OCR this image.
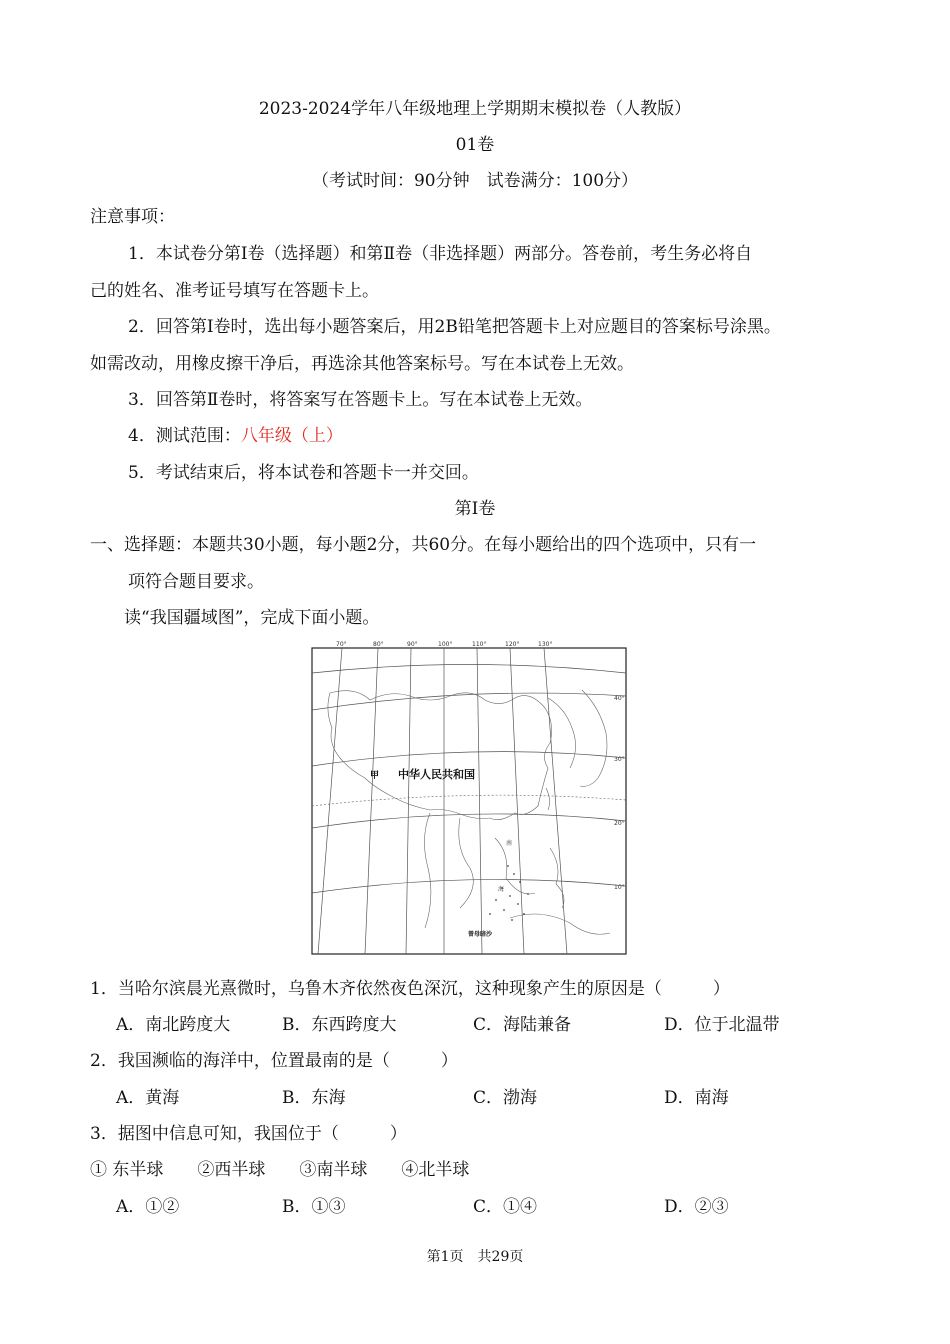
2023-2024学年八年级地理上学期期末模拟卷（人教版）
01卷
（考试时间：90分钟　试卷满分：100分）
注意事项：
1．本试卷分第Ⅰ卷（选择题）和第Ⅱ卷（非选择题）两部分。答卷前，考生务必将自
己的姓名、准考证号填写在答题卡上。
2．回答第Ⅰ卷时，选出每小题答案后，用2B铅笔把答题卡上对应题目的答案标号涂黑。
如需改动，用橡皮擦干净后，再选涂其他答案标号。写在本试卷上无效。
3．回答第Ⅱ卷时，将答案写在答题卡上。写在本试卷上无效。
4．测试范围：八年级（上）
5．考试结束后，将本试卷和答题卡一并交回。
第Ⅰ卷
一、选择题：本题共30小题，每小题2分，共60分。在每小题给出的四个选项中，只有一
项符合题目要求。
读“我国疆域图”，完成下面小题。
70°	80°	90°	100°	110°	120°	130°
40°
30°
20°
10°
甲 中华人民共和国
南
海
曾母暗沙
1．当哈尔滨晨光熹微时，乌鲁木齐依然夜色深沉，这种现象产生的原因是（　　　）
A．南北跨度大	B．东西跨度大	C．海陆兼备	D．位于北温带
2．我国濒临的海洋中，位置最南的是（　　　）
A．黄海	B．东海	C．渤海	D．南海
3．据图中信息可知，我国位于（　　　）
① 东半球　　②西半球　　③南半球　　④北半球
A．①②	B．①③	C．①④	D．②③
第1页　共29页
